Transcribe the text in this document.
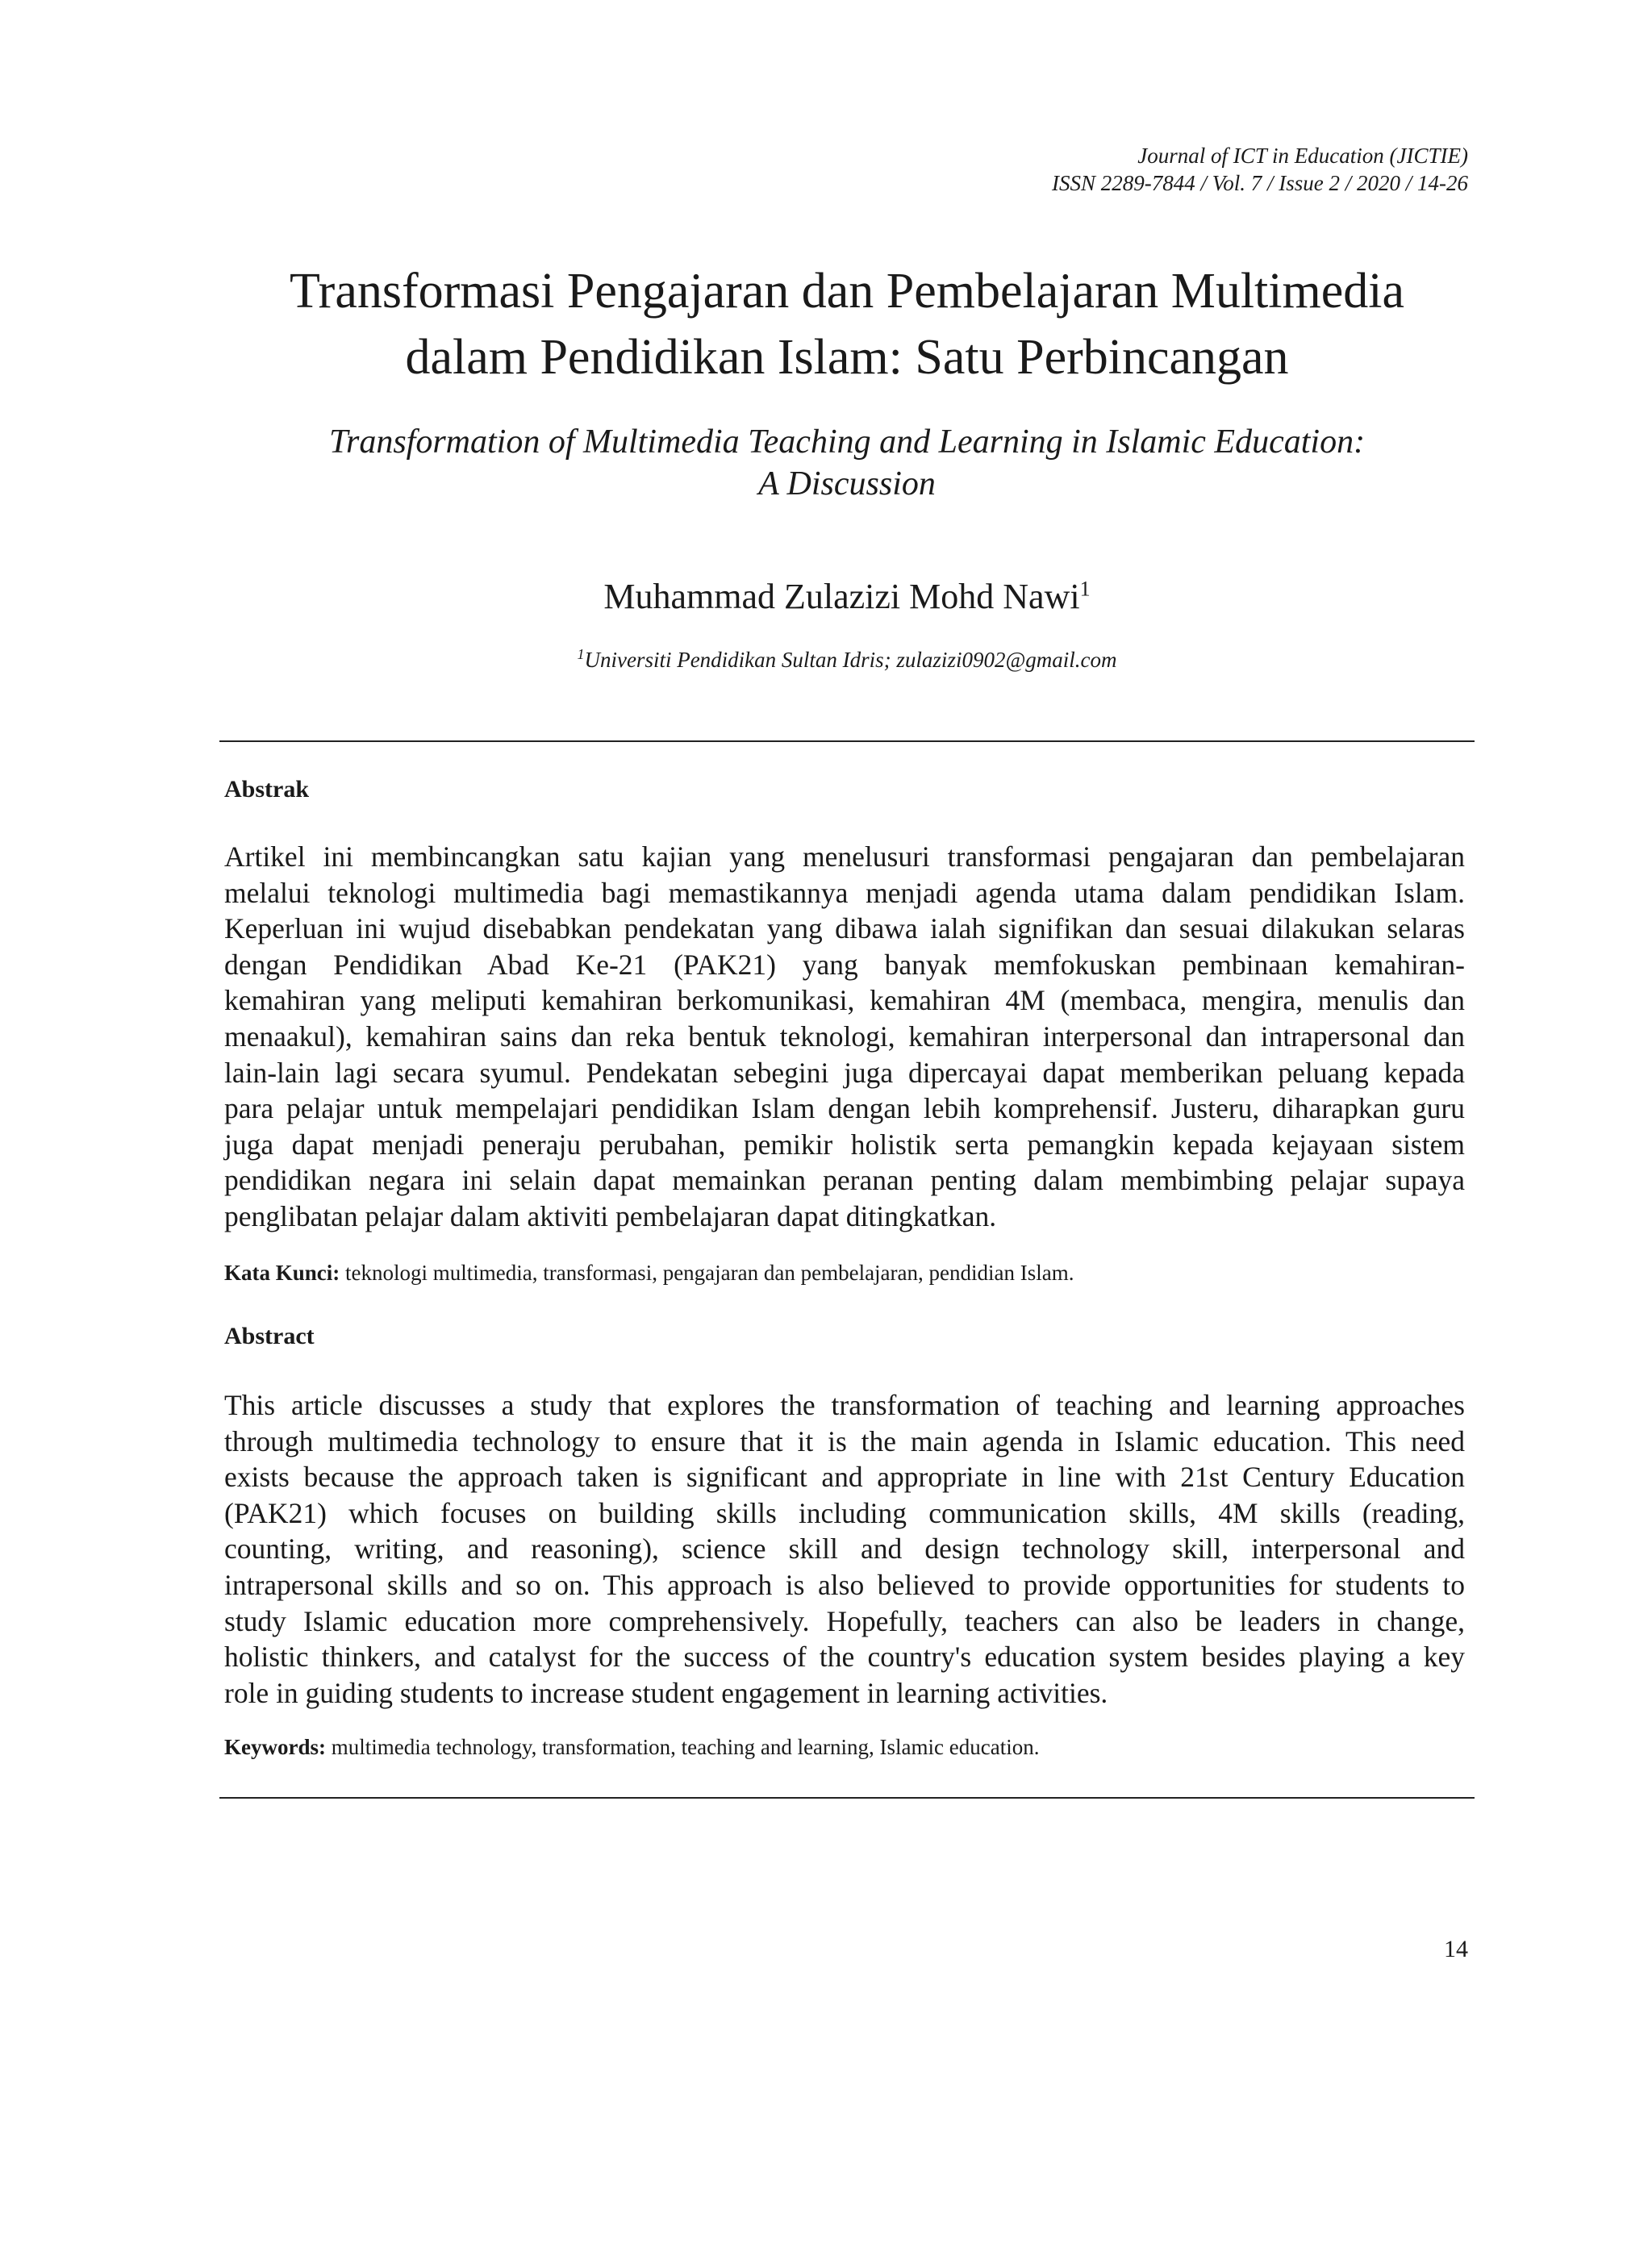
Journal of ICT in Education (JICTIE)
ISSN 2289-7844 / Vol. 7 / Issue 2 / 2020 / 14-26
Transformasi Pengajaran dan Pembelajaran Multimedia
dalam Pendidikan Islam: Satu Perbincangan
Transformation of Multimedia Teaching and Learning in Islamic Education:
A Discussion
Muhammad Zulazizi Mohd Nawi$^1$
$^1$Universiti Pendidikan Sultan Idris; zulazizi0902@gmail.com
Abstrak
Artikel ini membincangkan satu kajian yang menelusuri transformasi pengajaran dan pembelajaran
melalui teknologi multimedia bagi memastikannya menjadi agenda utama dalam pendidikan Islam.
Keperluan ini wujud disebabkan pendekatan yang dibawa ialah signifikan dan sesuai dilakukan selaras
dengan Pendidikan Abad Ke-21 (PAK21) yang banyak memfokuskan pembinaan kemahiran-
kemahiran yang meliputi kemahiran berkomunikasi, kemahiran 4M (membaca, mengira, menulis dan
menaakul), kemahiran sains dan reka bentuk teknologi, kemahiran interpersonal dan intrapersonal dan
lain-lain lagi secara syumul. Pendekatan sebegini juga dipercayai dapat memberikan peluang kepada
para pelajar untuk mempelajari pendidikan Islam dengan lebih komprehensif. Justeru, diharapkan guru
juga dapat menjadi peneraju perubahan, pemikir holistik serta pemangkin kepada kejayaan sistem
pendidikan negara ini selain dapat memainkan peranan penting dalam membimbing pelajar supaya
penglibatan pelajar dalam aktiviti pembelajaran dapat ditingkatkan.
Kata Kunci: teknologi multimedia, transformasi, pengajaran dan pembelajaran, pendidian Islam.
Abstract
This article discusses a study that explores the transformation of teaching and learning approaches
through multimedia technology to ensure that it is the main agenda in Islamic education. This need
exists because the approach taken is significant and appropriate in line with 21st Century Education
(PAK21) which focuses on building skills including communication skills, 4M skills (reading,
counting, writing, and reasoning), science skill and design technology skill, interpersonal and
intrapersonal skills and so on. This approach is also believed to provide opportunities for students to
study Islamic education more comprehensively. Hopefully, teachers can also be leaders in change,
holistic thinkers, and catalyst for the success of the country's education system besides playing a key
role in guiding students to increase student engagement in learning activities.
Keywords: multimedia technology, transformation, teaching and learning, Islamic education.
14
